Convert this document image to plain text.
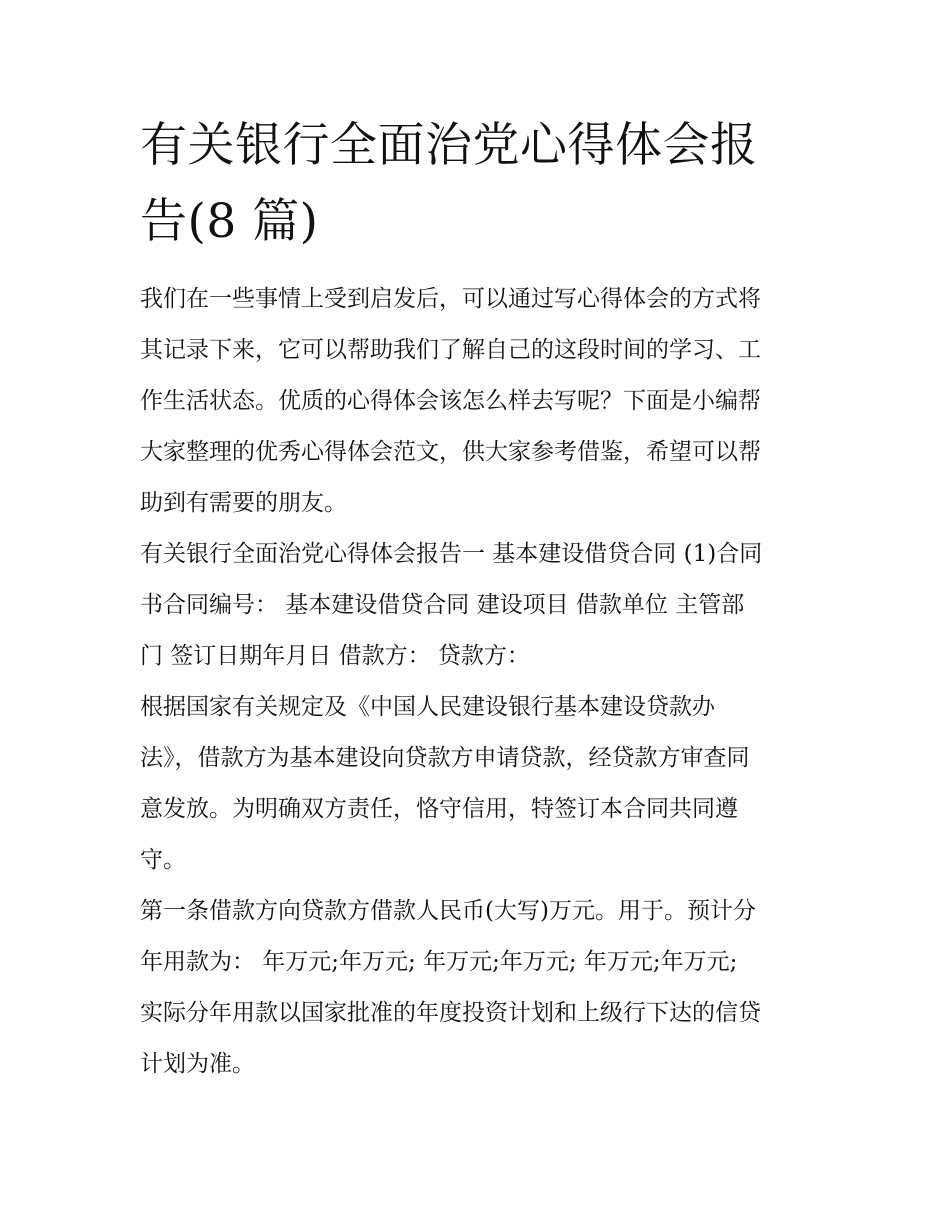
有关银行全面治党心得体会报
告(8 篇)

我们在一些事情上受到启发后，可以通过写心得体会的方式将
其记录下来，它可以帮助我们了解自己的这段时间的学习、工
作生活状态。优质的心得体会该怎么样去写呢？下面是小编帮
大家整理的优秀心得体会范文，供大家参考借鉴，希望可以帮
助到有需要的朋友。

有关银行全面治党心得体会报告一 基本建设借贷合同 (1)合同
书合同编号： 基本建设借贷合同 建设项目 借款单位 主管部
门 签订日期年月日 借款方： 贷款方：

根据国家有关规定及《中国人民建设银行基本建设贷款办
法》，借款方为基本建设向贷款方申请贷款，经贷款方审查同
意发放。为明确双方责任，恪守信用，特签订本合同共同遵
守。

第一条借款方向贷款方借款人民币(大写)万元。用于。预计分
年用款为： 年万元;年万元; 年万元;年万元; 年万元;年万元;

实际分年用款以国家批准的年度投资计划和上级行下达的信贷
计划为准。
